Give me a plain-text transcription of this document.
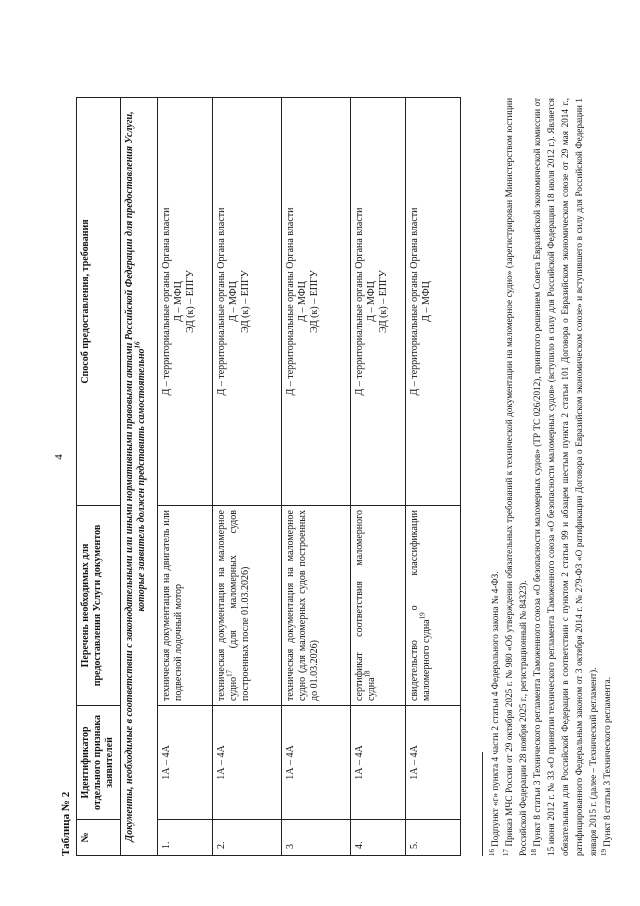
4
Таблица № 2 №	Идентификатор отдельного признака заявителей	Перечень необходимых для предоставления Услуги документов	Способ предоставления, требования
Документы, необходимые в соответствии с законодательными или иными нормативными правовыми актами Российской Федерации для предоставления Услуги, которые заявитель должен представить самостоятельно$^{16}$
1.	1А – 4А	техническая документация на двигатель или подвесной лодочный мотор	Д – территориальные органы Органа власти Д – МФЦ ЭД (к) – ЕПГУ

2.	1А – 4А	техническая документация на маломерное судно$^{17}$ (для маломерных судов построенных после 01.03.2026)	Д – территориальные органы Органа власти Д – МФЦ ЭД (к) – ЕПГУ

3	1А – 4А	техническая документация на маломерное судно (для маломерных судов построенных до 01.03.2026)	Д – территориальные органы Органа власти Д – МФЦ ЭД (к) – ЕПГУ

4.	1А – 4А	сертификат соответствия маломерного судна$^{18}$	Д – территориальные органы Органа власти Д – МФЦ ЭД (к) – ЕПГУ

5.	1А – 4А	свидетельство о классификации маломерного судна$^{19}$	Д – территориальные органы Органа власти Д – МФЦ
$^{16}$ Подпункт «г» пункта 4 части 2 статьи 4 Федерального закона № 4-ФЗ.
$^{17}$ Приказ МЧС России от 29 октября 2025 г. № 980 «Об утверждении обязательных требований к технической документации на маломерное судно» (зарегистрирован Министерством юстиции Российской Федерации 28 ноября 2025 г., регистрационный № 84323). $^{18}$ Пункт 8 статьи 3 Технического регламента Таможенного союза «О безопасности маломерных судов» (ТР ТС 026/2012), принятого решением Совета Евразийской экономической комиссии от 15 июня 2012 г. № 33 «О принятии технического регламента Таможенного союза «О безопасности маломерных судов» (вступило в силу для Российской Федерации 18 июля 2012 г.). Является обязательным для Российской Федерации в соответствии с пунктом 2 статьи 99 и абзацем шестым пункта 2 статьи 101 Договора о Евразийском экономическом союзе от 29 мая 2014 г., ратифицированного Федеральным законом от 3 октября 2014 г. № 279-ФЗ «О ратификации Договора о Евразийском экономическом союзе» и вступившего в силу для Российской Федерации 1 января 2015 г. (далее – Технический регламент). $^{19}$ Пункт 8 статьи 3 Технического регламента.
